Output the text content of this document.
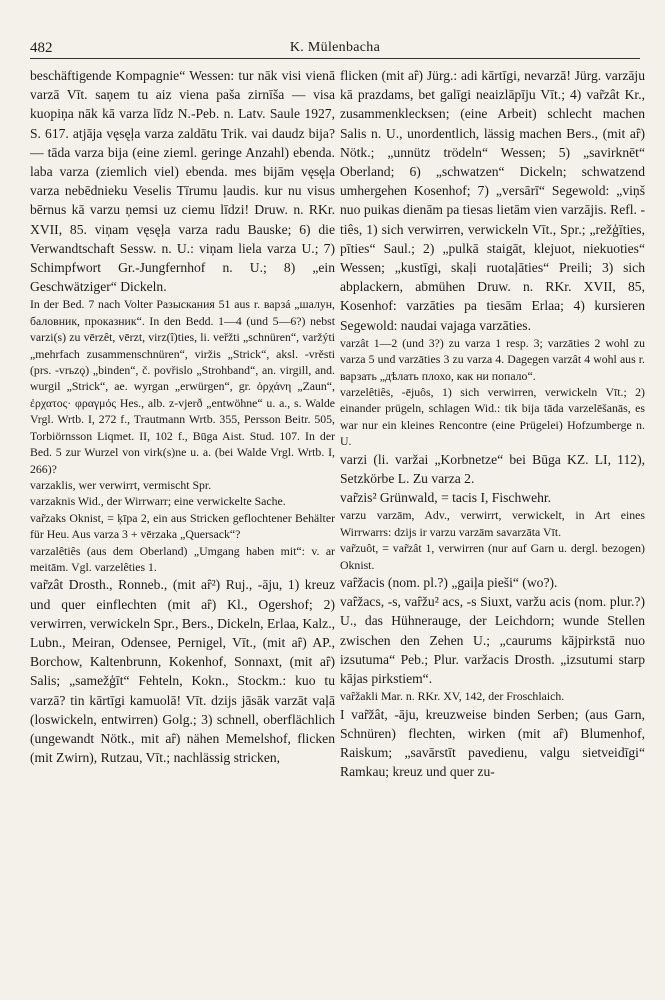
482	K. Mülenbacha

beschäftigende Kompagnie“ Wessen: tur nāk visi vienā varzā Vīt. saņem tu aiz viena paša zirnīša — visa kuopiņa nāk kā varza līdz N.-Peb. n. Latv. Saule 1927, S. 617. atjāja vęsęļa varza zaldātu Trik. vai daudz bija? — tāda varza bija (eine zieml. geringe Anzahl) ebenda. laba varza (ziemlich viel) ebenda. mes bijām vęsęļa varza nebēdnieku Veselis Tīrumu ļaudis. kur nu visus bērnus kā varzu ņemsi uz ciemu līdzi! Druw. n. RKr. XVII, 85. viņam vęsęļa varza radu Bauske; 6) die Verwandtschaft Sessw. n. U.: viņam liela varza U.; 7) Schimpfwort Gr.-Jungfernhof n. U.; 8) „ein Geschwätziger“ Dickeln.

In der Bed. 7 nach Volter Разыскания 51 aus r. варзá „шалун, баловник, проказник“. In den Bedd. 1—4 (und 5—6?) nebst varzi(s) zu vērzêt, vērzt, virz(î)ties, li. veřžti „schnüren“, varžýti „mehrfach zusammenschnüren“, viržis „Strick“, aksl. -vrěsti (prs. -vrьzǫ) „binden“, č. povřislo „Strohband“, an. virgill, and. wurgil „Strick“, ae. wyrgan „erwürgen“, gr. ὀρχάνη „Zaun“, ἐρχατος· φραγμός Hes., alb. z-vjerð „entwöhne“ u. a., s. Walde Vrgl. Wrtb. I, 272 f., Trautmann Wrtb. 355, Persson Beitr. 505, Torbiörnsson Liqmet. II, 102 f., Būga Aist. Stud. 107. In der Bed. 5 zur Wurzel von virk(s)ne u. a. (bei Walde Vrgl. Wrtb. I, 266)?

varzaklis, wer verwirrt, vermischt Spr.

varzaknis Wid., der Wirrwarr; eine verwickelte Sache.

var̃zaks Oknist, = ķīpa 2, ein aus Stricken geflochtener Behälter für Heu. Aus varza 3 + vērzaka „Quersack“?

varzalêtiês (aus dem Oberland) „Umgang haben mit“: v. ar meitām. Vgl. varzelêties 1.

var̃zât Drosth., Ronneb., (mit aȓ²) Ruj., -āju, 1) kreuz und quer einflechten (mit aȓ) Kl., Ogershof; 2) verwirren, verwickeln Spr., Bers., Dickeln, Erlaa, Kalz., Lubn., Meiran, Odensee, Pernigel, Vīt., (mit aȓ) AP., Borchow, Kaltenbrunn, Kokenhof, Sonnaxt, (mit aȓ) Salis; „samežģīt“ Fehteln, Kokn., Stockm.: kuo tu varzā? tin kārtīgi kamuolā! Vīt. dzijs jāsāk varzāt vaļā (loswickeln, entwirren) Golg.; 3) schnell, oberflächlich (ungewandt Nötk., mit aȓ) nähen Memelshof, flicken (mit Zwirn), Rutzau, Vīt.; nachlässig stricken,

flicken (mit aȓ) Jürg.: adi kārtīgi, nevarzā! Jürg. varzāju kā prazdams, bet galīgi neaizlāpīju Vīt.; 4) var̃zât Kr., zusammenklecksen; (eine Arbeit) schlecht machen Salis n. U., unordentlich, lässig machen Bers., (mit aȓ) Nötk.; „unnütz trödeln“ Wessen; 5) „savirknēt“ Oberland; 6) „schwatzen“ Dickeln; schwatzend umhergehen Kosenhof; 7) „versārī“ Segewold: „viņš nuo puikas dienām pa tiesas lietām vien varzājis. Refl. -tiês, 1) sich verwirren, verwickeln Vīt., Spr.; „režģīties, pīties“ Saul.; 2) „pulkā staigāt, klejuot, niekuoties“ Wessen; „kustīgi, skaļi ruotaļāties“ Preili; 3) sich abplackern, abmühen Druw. n. RKr. XVII, 85, Kosenhof: varzāties pa tiesām Erlaa; 4) kursieren Segewold: naudai vajaga varzāties.

varzât 1—2 (und 3?) zu varza 1 resp. 3; varzāties 2 wohl zu varza 5 und varzāties 3 zu varza 4. Dagegen varzât 4 wohl aus r. варзать „дѣлать плохо, как ни попало“.

varzelêtiês, -ējuôs, 1) sich verwirren, verwickeln Vīt.; 2) einander prügeln, schlagen Wid.: tik bija tāda varzelēšanās, es war nur ein kleines Rencontre (eine Prügelei) Hofzumberge n. U.

varzi (li. varžai „Korbnetze“ bei Būga KZ. LI, 112), Setzkörbe L. Zu varza 2.

var̃zis² Grünwald, = tacis I, Fischwehr.

varzu varzām, Adv., verwirrt, verwickelt, in Art eines Wirrwarrs: dzijs ir varzu varzām savarzāta Vīt.

var̃zuôt, = var̃zât 1, verwirren (nur auf Garn u. dergl. bezogen) Oknist.

vaȓžacis (nom. pl.?) „gaiļa pieši“ (wo?).

vaȓžacs, -s, vaȓžu² acs, -s Siuxt, varžu acis (nom. plur.?) U., das Hühnerauge, der Leichdorn; wunde Stellen zwischen den Zehen U.; „caurums kājpirkstā nuo izsutuma“ Peb.; Plur. varžacis Drosth. „izsutumi starp kājas pirkstiem“.

vaȓžakli Mar. n. RKr. XV, 142, der Froschlaich.

I var̃žât, -āju, kreuzweise binden Serben; (aus Garn, Schnüren) flechten, wirken (mit aȓ) Blumenhof, Raiskum; „savārstīt pavedienu, valgu sietveidīgi“ Ramkau; kreuz und quer zu-
